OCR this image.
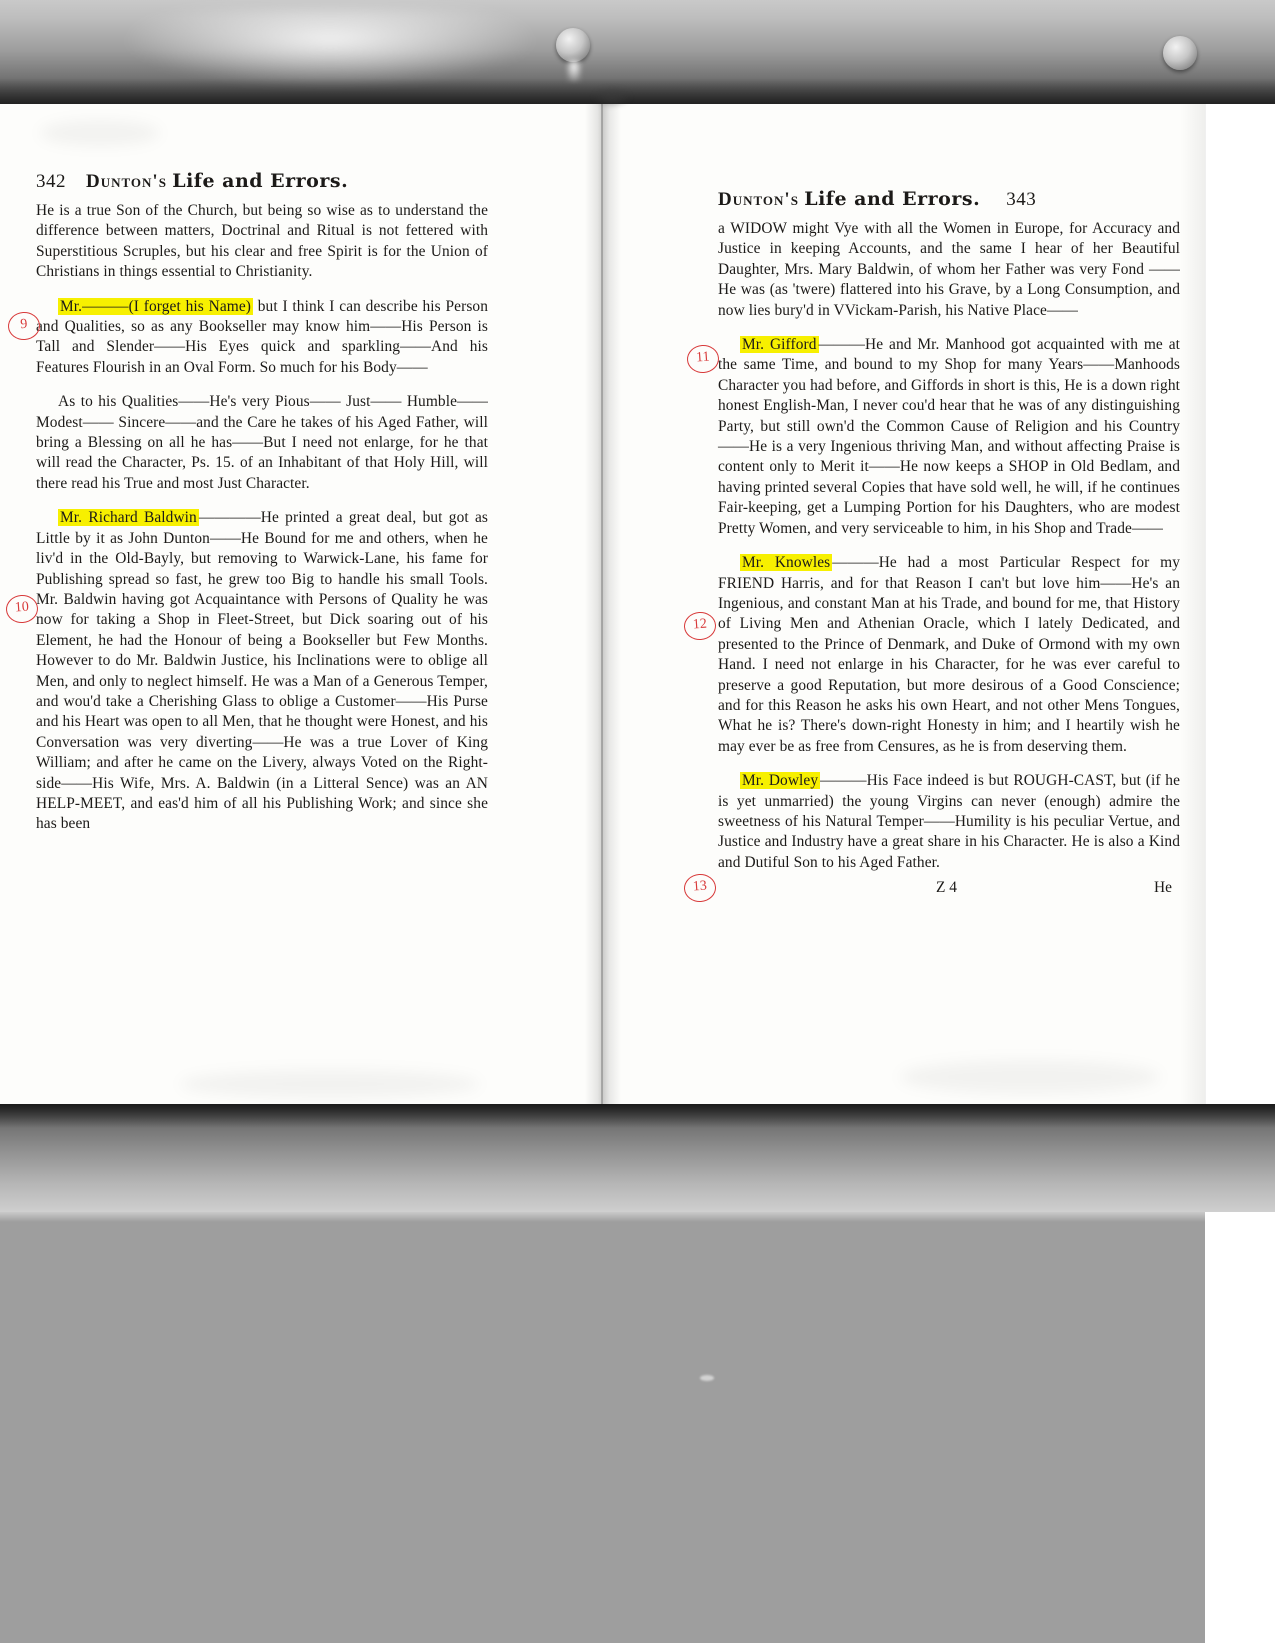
342 Dunton's
Life and Errors.

He is a true Son of the Church, but being so wise as to understand the difference between matters, Doctrinal and Ritual is not fettered with Superstitious Scruples, but his clear and free Spirit is for the Union of Christians in things essential to Christianity.

Mr.———(I forget his Name) but I think I can describe his Person and Qualities, so as any Bookseller may know him——His Person is Tall and Slender——His Eyes quick and sparkling——And his Features Flourish in an Oval Form. So much for his Body——

As to his Qualities——He's very Pious—— Just—— Humble—— Modest—— Sincere——and the Care he takes of his Aged Father, will bring a Blessing on all he has——But I need not enlarge, for he that will read the Character, Ps. 15. of an Inhabitant of that Holy Hill, will there read his True and most Just Character.

Mr. Richard Baldwin ————He printed a great deal, but got as Little by it as John Dunton——He Bound for me and others, when he liv'd in the Old-Bayly, but removing to Warwick-Lane, his fame for Publishing spread so fast, he grew too Big to handle his small Tools. Mr. Baldwin having got Acquaintance with Persons of Quality he was now for taking a Shop in Fleet-Street, but Dick soaring out of his Element, he had the Honour of being a Bookseller but Few Months. However to do Mr. Baldwin Justice, his Inclinations were to oblige all Men, and only to neglect himself. He was a Man of a Generous Temper, and wou'd take a Cherishing Glass to oblige a Customer——His Purse and his Heart was open to all Men, that he thought were Honest, and his Conversation was very diverting——He was a true Lover of King William; and after he came on the Livery, always Voted on the Right-side——His Wife, Mrs. A. Baldwin (in a Litteral Sence) was an AN HELP-MEET, and eas'd him of all his Publishing Work; and since she has been

Dunton's
Life and Errors. 343

a WIDOW might Vye with all the Women in Europe, for Accuracy and Justice in keeping Accounts, and the same I hear of her Beautiful Daughter, Mrs. Mary Baldwin, of whom her Father was very Fond —— He was (as 'twere) flattered into his Grave, by a Long Consumption, and now lies bury'd in VVickam-Parish, his Native Place——

Mr. Gifford ———He and Mr. Manhood got acquainted with me at the same Time, and bound to my Shop for many Years——Manhoods Character you had before, and Giffords in short is this, He is a down right honest English-Man, I never cou'd hear that he was of any distinguishing Party, but still own'd the Common Cause of Religion and his Country——He is a very Ingenious thriving Man, and without affecting Praise is content only to Merit it——He now keeps a SHOP in Old Bedlam, and having printed several Copies that have sold well, he will, if he continues Fair-keeping, get a Lumping Portion for his Daughters, who are modest Pretty Women, and very serviceable to him, in his Shop and Trade——

Mr. Knowles ———He had a most Particular Respect for my FRIEND Harris, and for that Reason I can't but love him——He's an Ingenious, and constant Man at his Trade, and bound for me, that History of Living Men and Athenian Oracle, which I lately Dedicated, and presented to the Prince of Denmark, and Duke of Ormond with my own Hand. I need not enlarge in his Character, for he was ever careful to preserve a good Reputation, but more desirous of a Good Conscience; and for this Reason he asks his own Heart, and not other Mens Tongues, What he is? There's down-right Honesty in him; and I heartily wish he may ever be as free from Censures, as he is from deserving them.

Mr. Dowley ———His Face indeed is but ROUGH-CAST, but (if he is yet unmarried) the young Virgins can never (enough) admire the sweetness of his Natural Temper——Humility is his peculiar Vertue, and Justice and Industry have a great share in his Character. He is also a Kind and Dutiful Son to his Aged Father.

Z 4	He
9
10
11
12
13
